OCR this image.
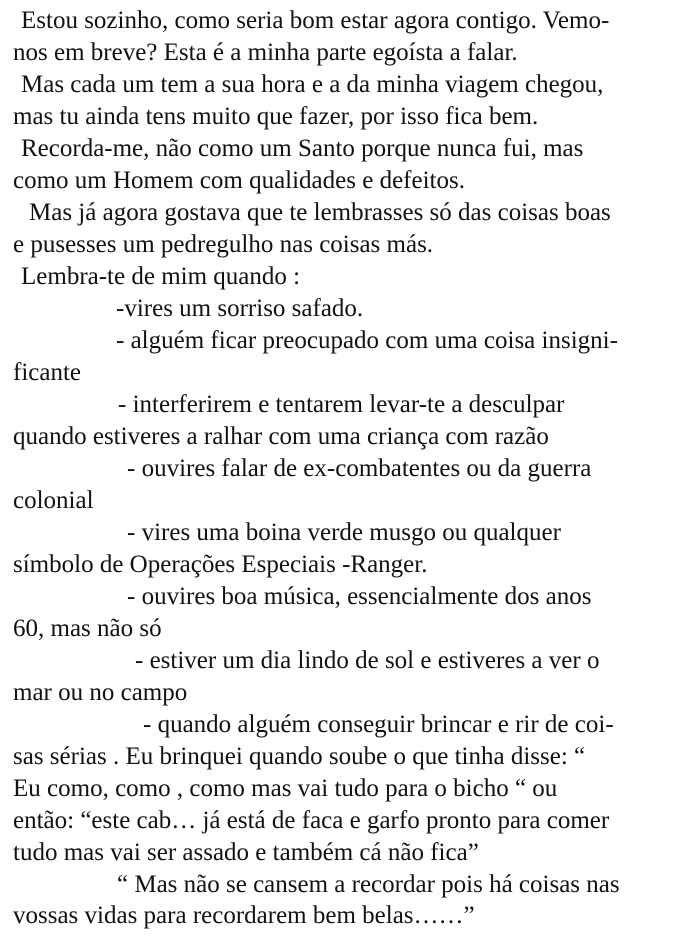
Estou sozinho, como seria bom estar agora contigo. Vemo-
nos em breve? Esta é a minha parte egoísta a falar.
Mas cada um tem a sua hora e a da minha viagem chegou,
mas tu ainda tens muito que fazer, por isso fica bem.
Recorda-me, não como um Santo porque nunca fui, mas
como um Homem com qualidades e defeitos.
Mas já agora gostava que te lembrasses só das coisas boas
e pusesses um pedregulho nas coisas más.
Lembra-te de mim quando :
-vires um sorriso safado.
- alguém ficar preocupado com uma coisa insigni-
ficante
- interferirem e tentarem levar-te a desculpar
quando estiveres a ralhar com uma criança com razão
- ouvires falar de ex-combatentes ou da guerra
colonial
- vires uma boina verde musgo ou qualquer
símbolo de Operações Especiais -Ranger.
- ouvires boa música, essencialmente dos anos
60, mas não só
- estiver um dia lindo de sol e estiveres a ver o
mar ou no campo
- quando alguém conseguir brincar e rir de coi-
sas sérias . Eu brinquei quando soube o que tinha disse: “
Eu como, como , como mas vai tudo para o bicho “ ou
então: “este cab… já está de faca e garfo pronto para comer
tudo mas vai ser assado e também cá não fica”
“ Mas não se cansem a recordar pois há coisas nas
vossas vidas para recordarem bem belas……”
